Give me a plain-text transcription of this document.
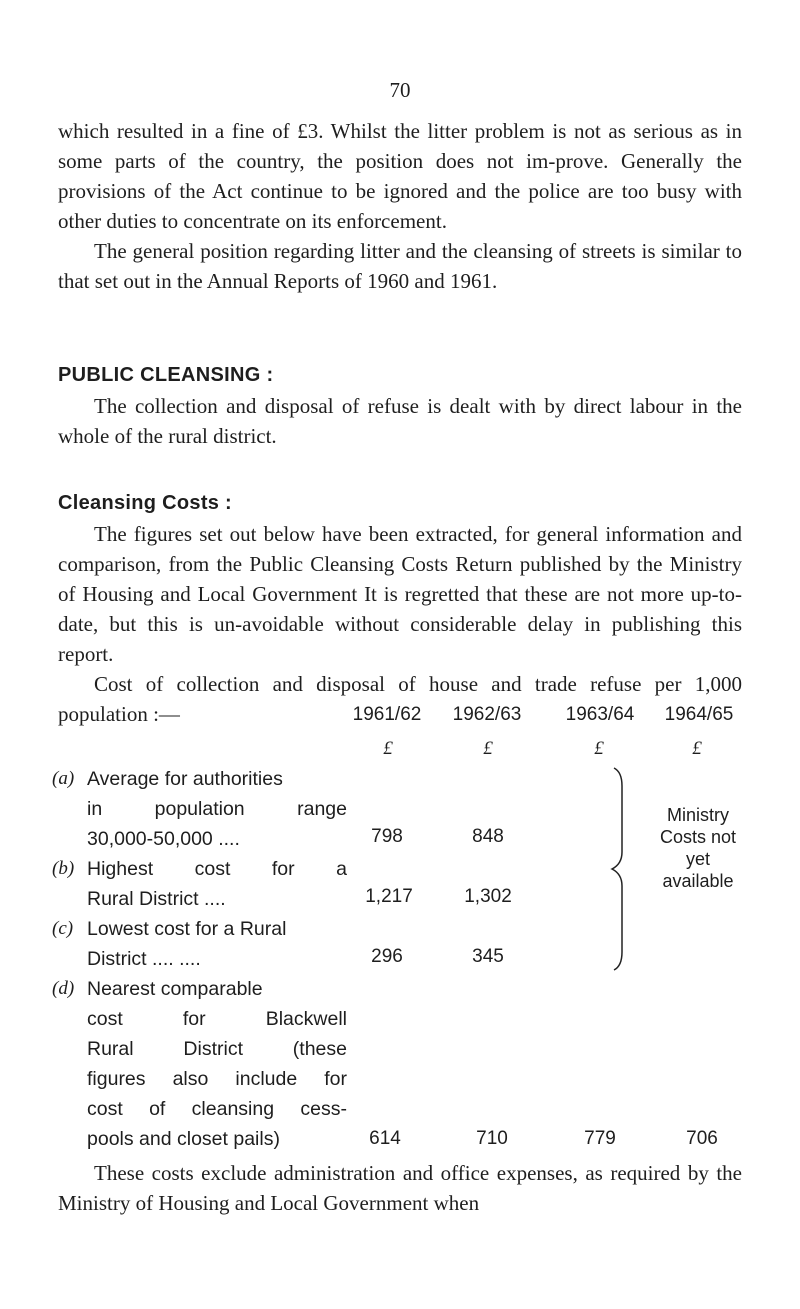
70
which resulted in a fine of £3. Whilst the litter problem is not as serious as in some parts of the country, the position does not im-prove. Generally the provisions of the Act continue to be ignored and the police are too busy with other duties to concentrate on its enforcement.
The general position regarding litter and the cleansing of streets is similar to that set out in the Annual Reports of 1960 and 1961.
PUBLIC CLEANSING :
The collection and disposal of refuse is dealt with by direct labour in the whole of the rural district.
Cleansing Costs :
The figures set out below have been extracted, for general information and comparison, from the Public Cleansing Costs Return published by the Ministry of Housing and Local Government It is regretted that these are not more up-to-date, but this is un-avoidable without considerable delay in publishing this report.
Cost of collection and disposal of house and trade refuse per 1,000 population :—	1961/62	1962/63	1963/64	1964/65
£	£	£	£
(a) Average for authorities
in population range
30,000-50,000 ....	798	848
(b) Highest cost for a
Rural District ....	1,217	1,302
(c) Lowest cost for a Rural
District .... ....	296	345
Ministry
Costs not
yet
available
(d) Nearest comparable
cost for Blackwell
Rural District (these
figures also include for
cost of cleansing cess-
pools and closet pails)	614	710	779	706
These costs exclude administration and office expenses, as required by the Ministry of Housing and Local Government when
